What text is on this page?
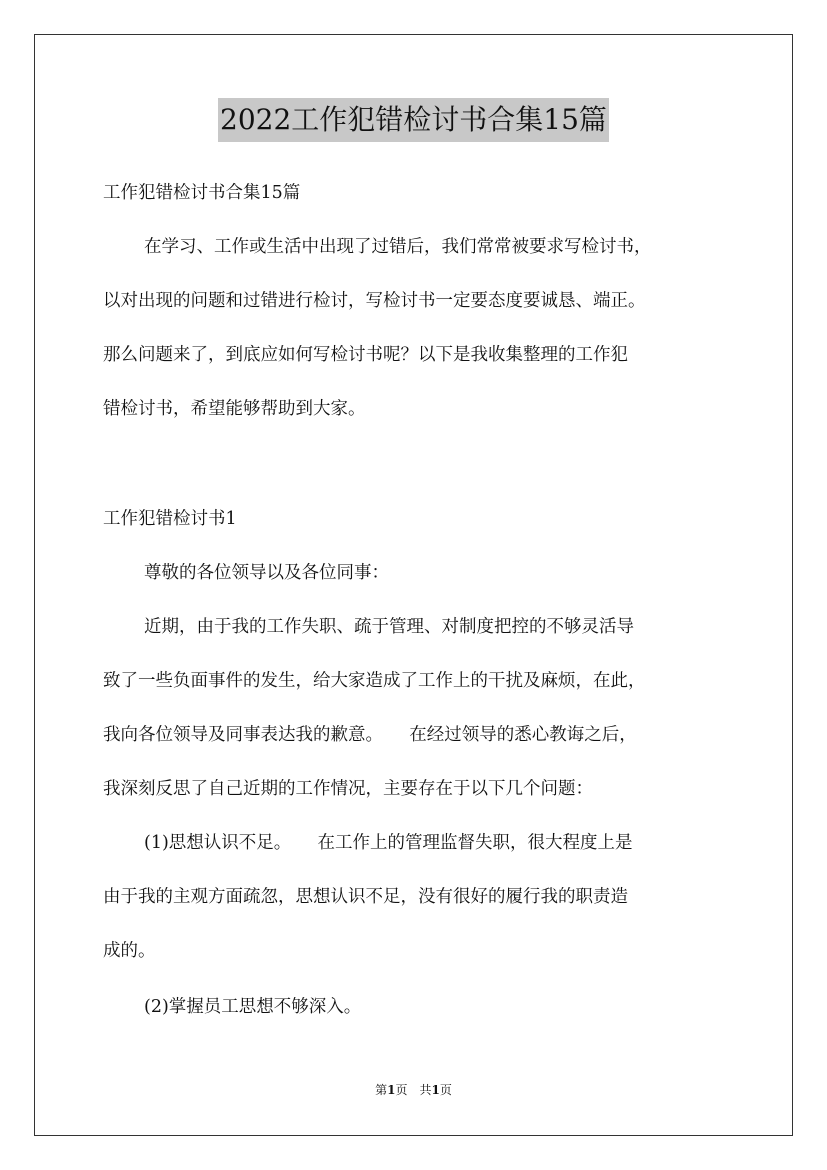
2022工作犯错检讨书合集15篇
工作犯错检讨书合集15篇
在学习、工作或生活中出现了过错后，我们常常被要求写检讨书，
以对出现的问题和过错进行检讨，写检讨书一定要态度要诚恳、端正。
那么问题来了，到底应如何写检讨书呢？以下是我收集整理的工作犯
错检讨书，希望能够帮助到大家。
工作犯错检讨书1
尊敬的各位领导以及各位同事：
近期，由于我的工作失职、疏于管理、对制度把控的不够灵活导
致了一些负面事件的发生，给大家造成了工作上的干扰及麻烦，在此，
我向各位领导及同事表达我的歉意。　　在经过领导的悉心教诲之后，
我深刻反思了自己近期的工作情况，主要存在于以下几个问题：
(1)思想认识不足。　　在工作上的管理监督失职，很大程度上是
由于我的主观方面疏忽，思想认识不足，没有很好的履行我的职责造
成的。
(2)掌握员工思想不够深入。
第1页　共1页
